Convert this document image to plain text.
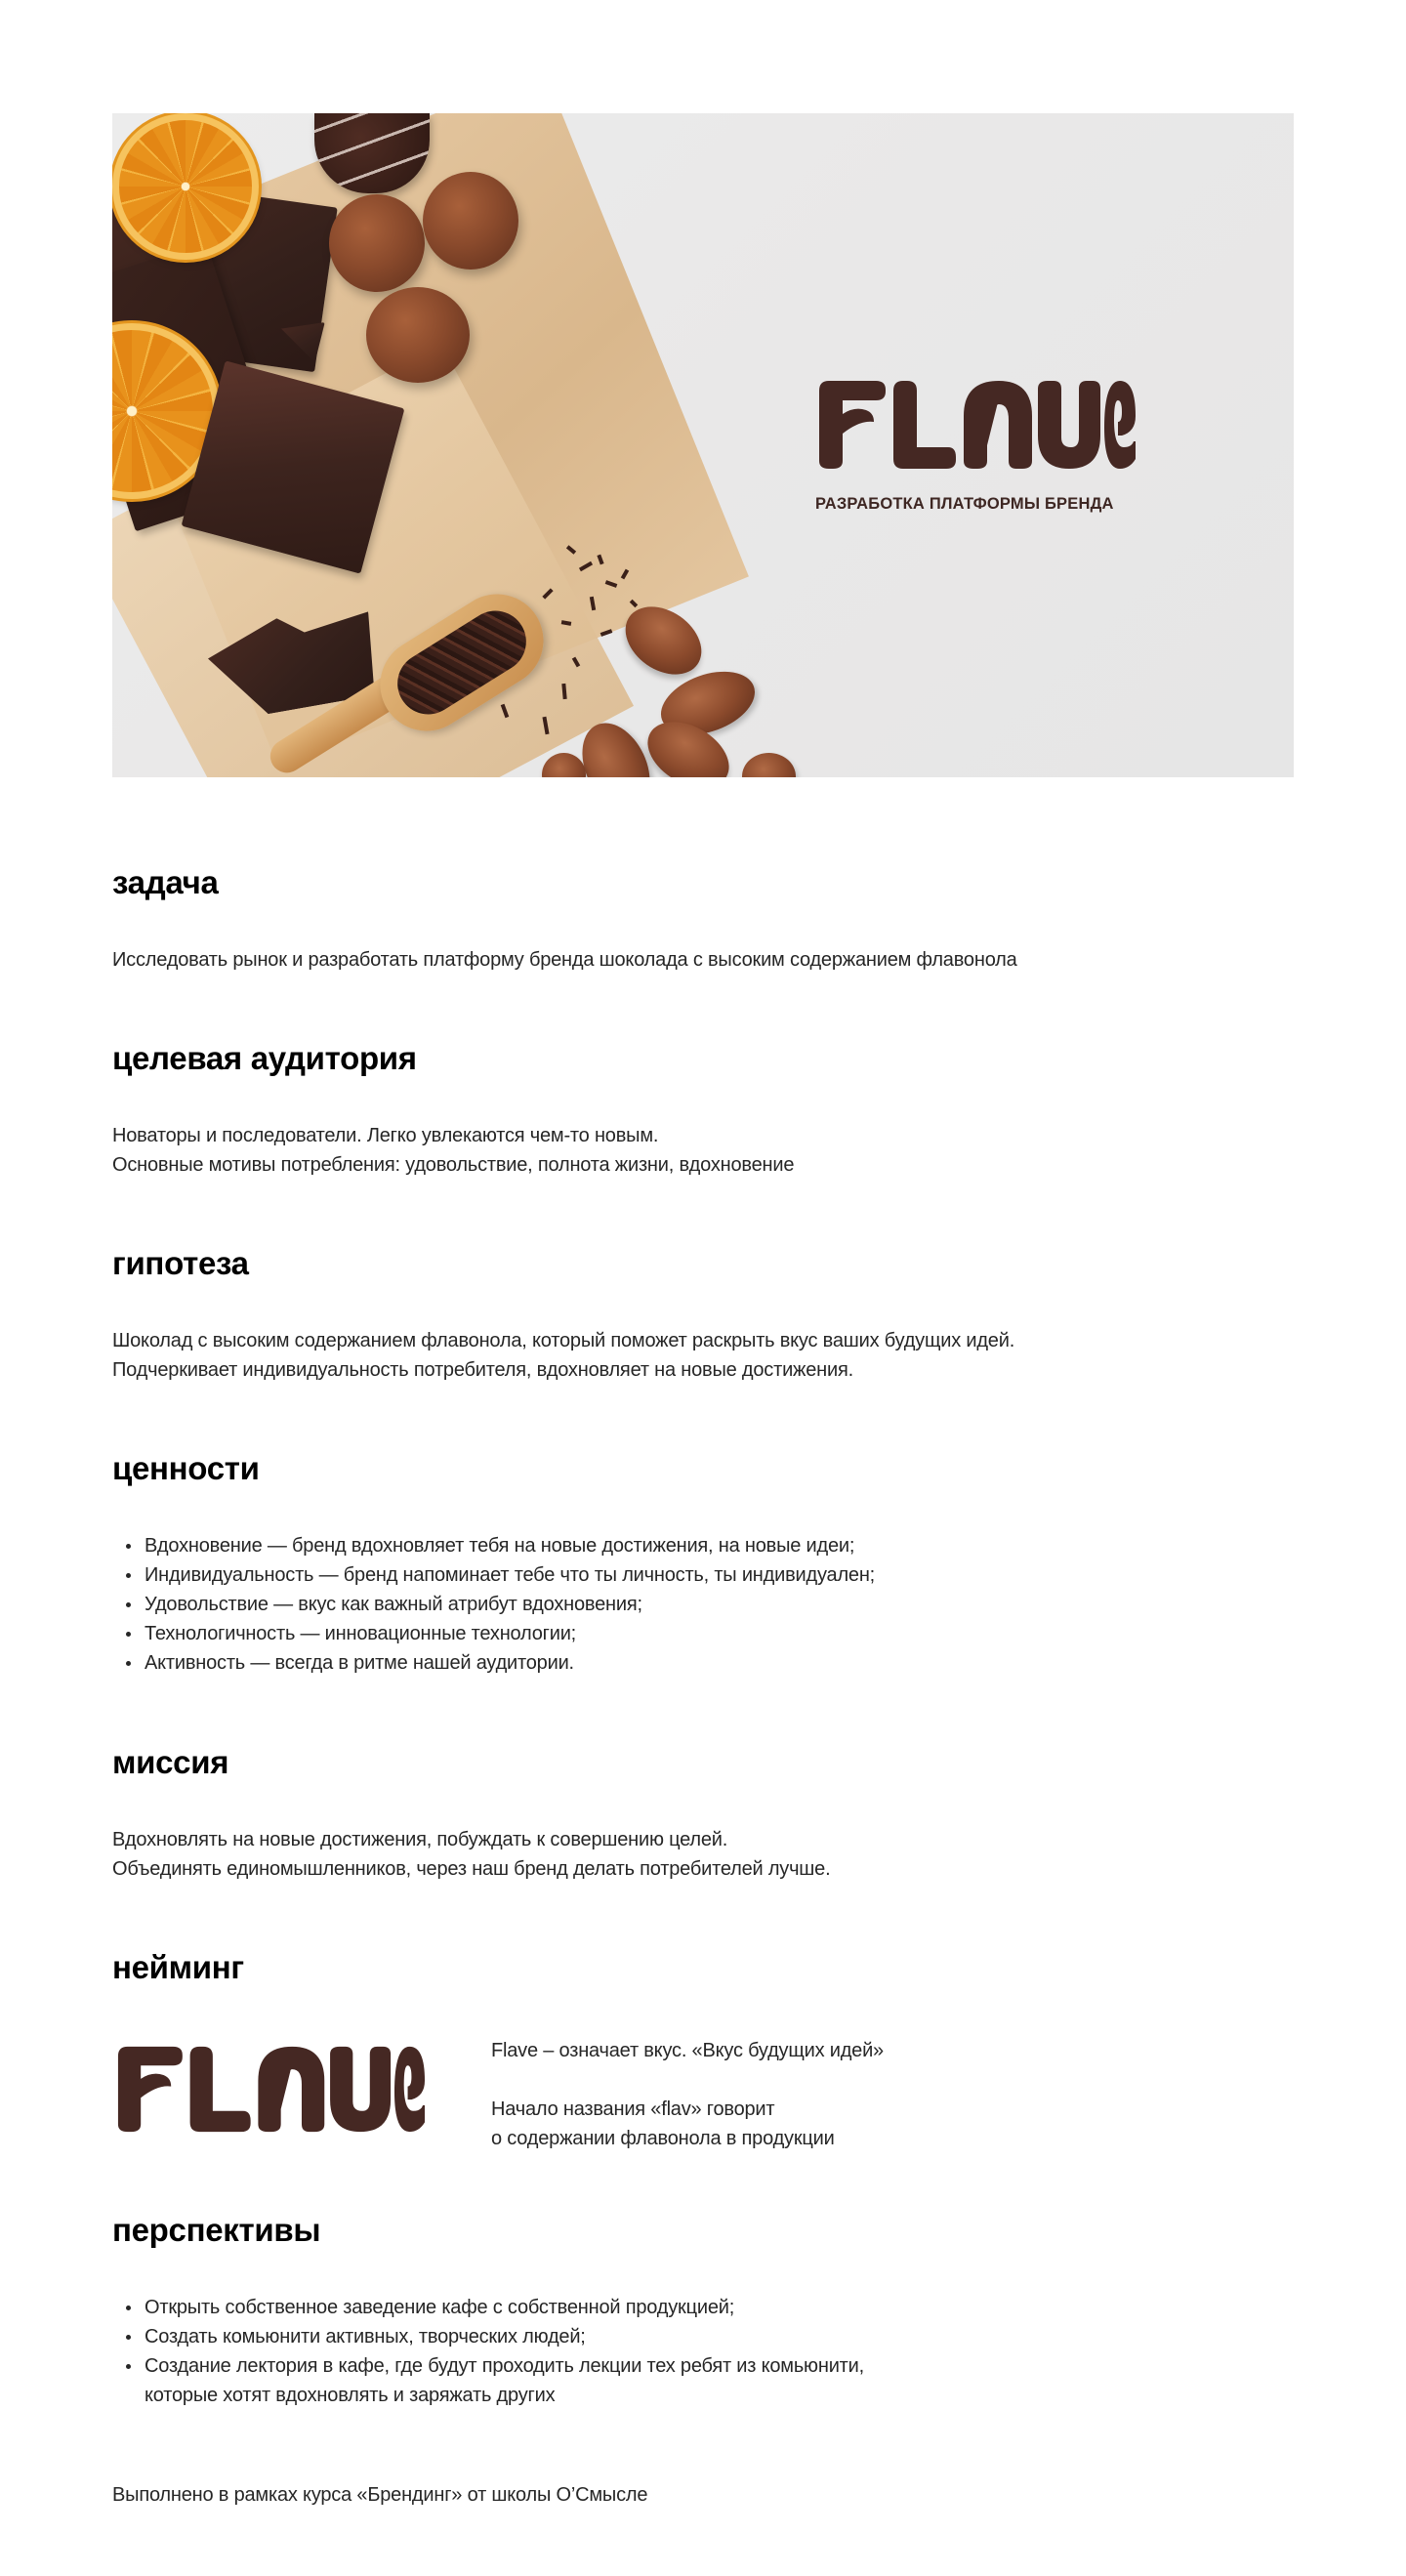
РАЗРАБОТКА ПЛАТФОРМЫ БРЕНДА
задача

Исследовать рынок и разработать платформу бренда шоколада с высоким содержанием флавонола

целевая аудитория

Новаторы и последователи. Легко увлекаются чем-то новым.

Основные мотивы потребления: удовольствие, полнота жизни, вдохновение

гипотеза

Шоколад с высоким содержанием флавонола, который поможет раскрыть вкус ваших будущих идей.

Подчеркивает индивидуальность потребителя, вдохновляет на новые достижения.

ценности
Вдохновение — бренд вдохновляет тебя на новые достижения, на новые идеи;
Индивидуальность — бренд напоминает тебе что ты личность, ты индивидуален;
Удовольствие — вкус как важный атрибут вдохновения;
Технологичность — инновационные технологии;
Активность — всегда в ритме нашей аудитории.
миссия

Вдохновлять на новые достижения, побуждать к совершению целей.

Объединять единомышленников, через наш бренд делать потребителей лучше.

нейминг

Flave – означает вкус. «Вкус будущих идей»

Начало названия «flav» говорит

о содержании флавонола в продукции

перспективы
Открыть собственное заведение кафе с собственной продукцией;
Создать комьюнити активных, творческих людей;
Создание лектория в кафе, где будут проходить лекции тех ребят из комьюнити,
которые хотят вдохновлять и заряжать других

Выполнено в рамках курса «Брендинг» от школы О’Смысле
